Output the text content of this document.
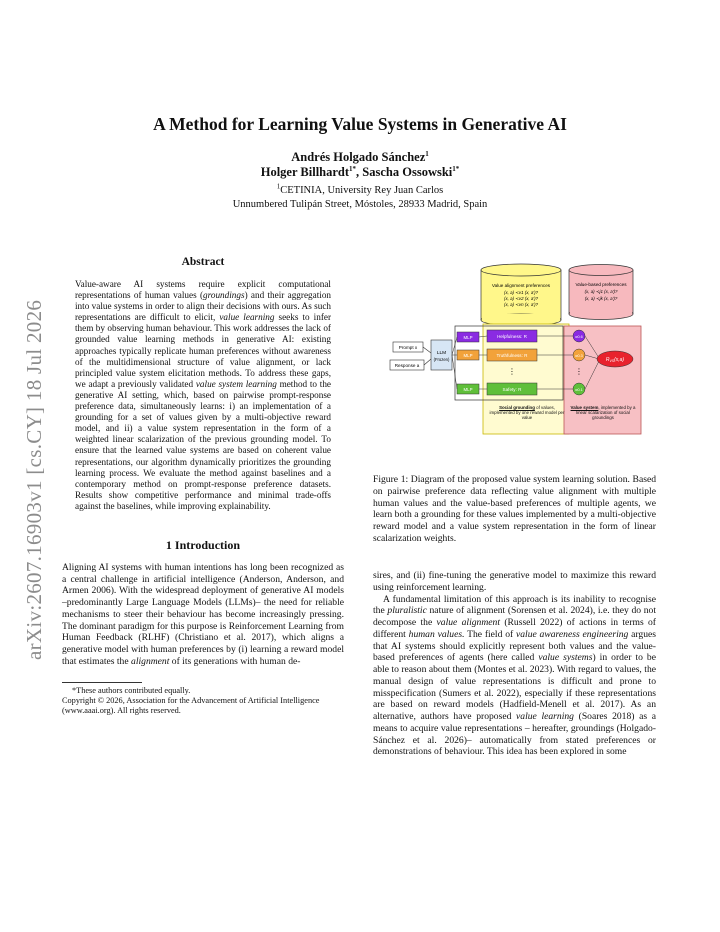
arXiv:2607.16903v1 [cs.CY] 18 Jul 2026
A Method for Learning Value Systems in Generative AI
Andrés Holgado Sánchez$^1$
Holger Billhardt$^{1*}$, Sascha Ossowski$^{1*}$
$^1$CETINIA, University Rey Juan Carlos
Unnumbered Tulipán Street, Móstoles, 28933 Madrid, Spain
Abstract

Value-aware AI systems require explicit computational representations of human values (groundings) and their aggregation into value systems in order to align their decisions with ours. As such representations are difficult to elicit, value learning seeks to infer them by observing human behaviour. This work addresses the lack of grounded value learning methods in generative AI: existing approaches typically replicate human preferences without awareness of the multidimensional structure of value alignment, or lack principled value system elicitation methods. To address these gaps, we adapt a previously validated value system learning method to the generative AI setting, which, based on pairwise prompt-response preference data, simultaneously learns: i) an implementation of a grounding for a set of values given by a multi-objective reward model, and ii) a value system representation in the form of a weighted linear scalarization of the previous grounding model. To ensure that the learned value systems are based on coherent value representations, our algorithm dynamically prioritizes the grounding learning process. We evaluate the method against baselines and a contemporary method on prompt-response preference datasets. Results show competitive performance and minimal trade-offs against the baselines, while improving explainability.

1 Introduction

Aligning AI systems with human intentions has long been recognized as a central challenge in artificial intelligence (Anderson, Anderson, and Armen 2006). With the widespread deployment of generative AI models –predominantly Large Language Models (LLMs)– the need for reliable mechanisms to steer their behaviour has become increasingly pressing. The dominant paradigm for this purpose is Reinforcement Learning from Human Feedback (RLHF) (Christiano et al. 2017), which aligns a generative model with human preferences by (i) learning a reward model that estimates the alignment of its generations with human de-

*These authors contributed equally.
Copyright © 2026, Association for the Advancement of Artificial Intelligence (www.aaai.org). All rights reserved.
Value alignment preferences
(x, a) ≺v1 (x, a′)?
(x, a) ≺v2 (x, a′)?
(x, a) ≺vn (x, a′)?
Value-based preferences
(x, a) ≺j1 (x, a′)?
(x, a) ≺jk (x, a′)?
Prompt x
Response a
LLM
(Frozen)
MLP
MLP
MLP
Helpfulness: R
Truthfulness: R
⋮
Safety: R
α0.6
α0.3
⋮
α0.1
$R_{VS}(x,a)$
Social grounding of values, implemented by one reward model per value
Value system, implemented by a linear scalarization of social groundings
Figure 1: Diagram of the proposed value system learning solution. Based on pairwise preference data reflecting value alignment with multiple human values and the value-based preferences of multiple agents, we learn both a grounding for these values implemented by a multi-objective reward model and a value system representation in the form of linear scalarization weights.

sires, and (ii) fine-tuning the generative model to maximize this reward using reinforcement learning.

A fundamental limitation of this approach is its inability to recognise the pluralistic nature of alignment (Sorensen et al. 2024), i.e. they do not decompose the value alignment (Russell 2022) of actions in terms of different human values. The field of value awareness engineering argues that AI systems should explicitly represent both values and the value-based preferences of agents (here called value systems) in order to be able to reason about them (Montes et al. 2023). With regard to values, the manual design of value representations is difficult and prone to misspecification (Sumers et al. 2022), especially if these representations are based on reward models (Hadfield-Menell et al. 2017). As an alternative, authors have proposed value learning (Soares 2018) as a means to acquire value representations – hereafter, groundings (Holgado-Sánchez et al. 2026)– automatically from stated preferences or demonstrations of behaviour. This idea has been explored in some
